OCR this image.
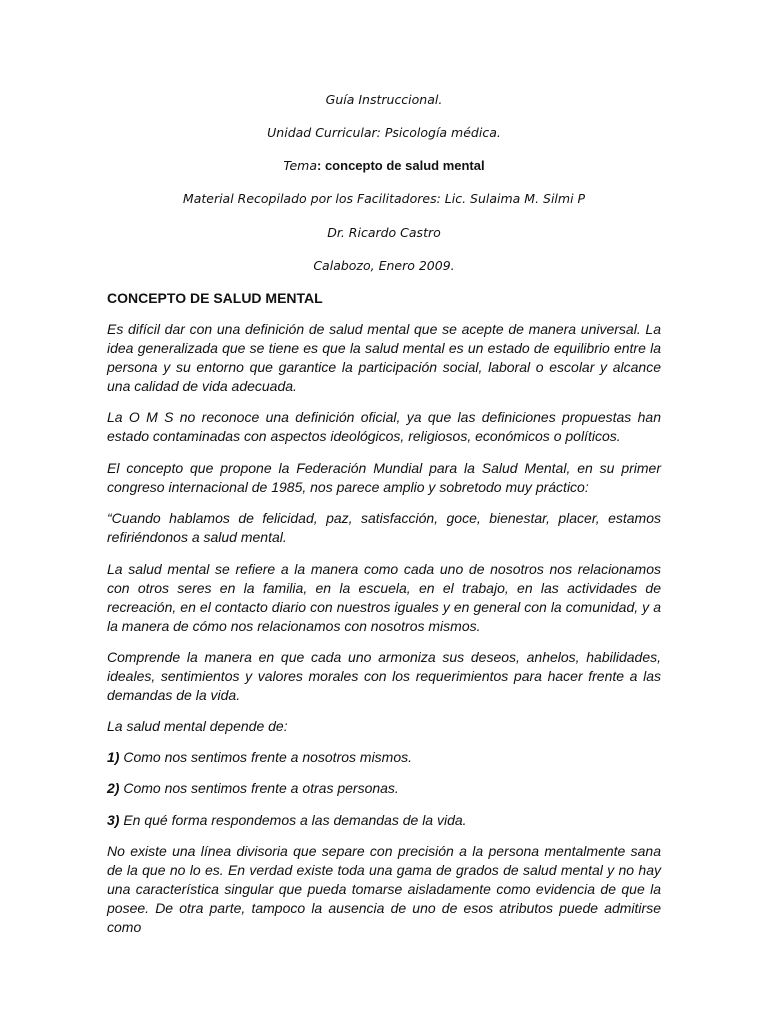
Guía Instruccional.
Unidad Curricular: Psicología médica.
Tema: concepto de salud mental
Material Recopilado por los Facilitadores: Lic. Sulaima M. Silmi P
Dr. Ricardo Castro
Calabozo, Enero 2009.
CONCEPTO DE SALUD MENTAL
Es difícil dar con una definición de salud mental que se acepte de manera universal. La idea generalizada que se tiene es que la salud mental es un estado de equilibrio entre la persona y su entorno que garantice la participación social, laboral o escolar y alcance una calidad de vida adecuada.
La O M S no reconoce una definición oficial, ya que las definiciones propuestas han estado contaminadas con aspectos ideológicos, religiosos, económicos o políticos.
El concepto que propone la Federación Mundial para la Salud Mental, en su primer congreso internacional de 1985, nos parece amplio y sobretodo muy práctico:
“Cuando hablamos de felicidad, paz, satisfacción, goce, bienestar, placer, estamos refiriéndonos a salud mental.
La salud mental se refiere a la manera como cada uno de nosotros nos relacionamos con otros seres en la familia, en la escuela, en el trabajo, en las actividades de recreación, en el contacto diario con nuestros iguales y en general con la comunidad, y a la manera de cómo nos relacionamos con nosotros mismos.
Comprende la manera en que cada uno armoniza sus deseos, anhelos, habilidades, ideales, sentimientos y valores morales con los requerimientos para hacer frente a las demandas de la vida.
La salud mental depende de:
1) Como nos sentimos frente a nosotros mismos.
2) Como nos sentimos frente a otras personas.
3) En qué forma respondemos a las demandas de la vida.
No existe una línea divisoria que separe con precisión a la persona mentalmente sana de la que no lo es. En verdad existe toda una gama de grados de salud mental y no hay una característica singular que pueda tomarse aisladamente como evidencia de que la posee. De otra parte, tampoco la ausencia de uno de esos atributos puede admitirse como
